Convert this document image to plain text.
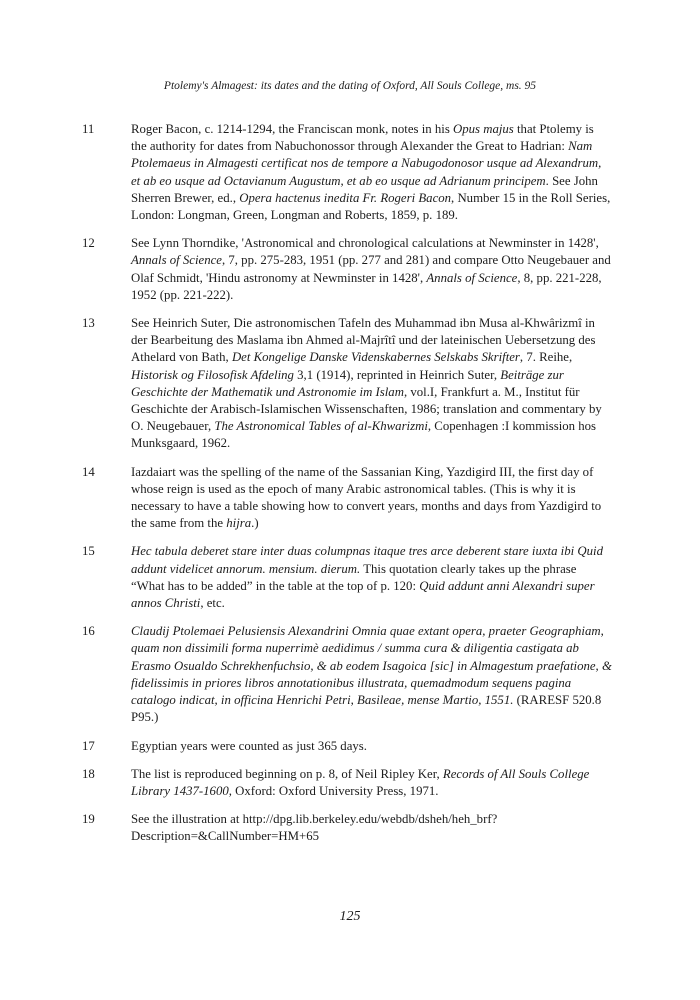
Ptolemy's Almagest: its dates and the dating of Oxford, All Souls College, ms. 95
11	Roger Bacon, c. 1214-1294, the Franciscan monk, notes in his Opus majus that Ptolemy is the authority for dates from Nabuchonossor through Alexander the Great to Hadrian: Nam Ptolemaeus in Almagesti certificat nos de tempore a Nabugodonosor usque ad Alexandrum, et ab eo usque ad Octavianum Augustum, et ab eo usque ad Adrianum principem. See John Sherren Brewer, ed., Opera hactenus inedita Fr. Rogeri Bacon, Number 15 in the Roll Series, London: Longman, Green, Longman and Roberts, 1859, p. 189.
12	See Lynn Thorndike, 'Astronomical and chronological calculations at Newminster in 1428', Annals of Science, 7, pp. 275-283, 1951 (pp. 277 and 281) and compare Otto Neugebauer and Olaf Schmidt, 'Hindu astronomy at Newminster in 1428', Annals of Science, 8, pp. 221-228, 1952 (pp. 221-222).
13	See Heinrich Suter, Die astronomischen Tafeln des Muhammad ibn Musa al-Khwârizmî in der Bearbeitung des Maslama ibn Ahmed al-Majrîtî und der lateinischen Uebersetzung des Athelard von Bath, Det Kongelige Danske Videnskabernes Selskabs Skrifter, 7. Reihe, Historisk og Filosofisk Afdeling 3,1 (1914), reprinted in Heinrich Suter, Beiträge zur Geschichte der Mathematik und Astronomie im Islam, vol.I, Frankfurt a. M., Institut für Geschichte der Arabisch-Islamischen Wissenschaften, 1986; translation and commentary by O. Neugebauer, The Astronomical Tables of al-Khwarizmi, Copenhagen :I kommission hos Munksgaard, 1962.
14	Iazdaiart was the spelling of the name of the Sassanian King, Yazdigird III, the first day of whose reign is used as the epoch of many Arabic astronomical tables. (This is why it is necessary to have a table showing how to convert years, months and days from Yazdigird to the same from the hijra.)
15	Hec tabula deberet stare inter duas columpnas itaque tres arce deberent stare iuxta ibi Quid addunt videlicet annorum. mensium. dierum. This quotation clearly takes up the phrase “What has to be added” in the table at the top of p. 120: Quid addunt anni Alexandri super annos Christi, etc.
16	Claudij Ptolemaei Pelusiensis Alexandrini Omnia quae extant opera, praeter Geographiam, quam non dissimili forma nuperrimè aedidimus / summa cura & diligentia castigata ab Erasmo Osualdo Schrekhenfuchsio, & ab eodem Isagoica [sic] in Almagestum praefatione, & fidelissimis in priores libros annotationibus illustrata, quemadmodum sequens pagina catalogo indicat, in officina Henrichi Petri, Basileae, mense Martio, 1551. (RARESF 520.8 P95.)
17	Egyptian years were counted as just 365 days.
18	The list is reproduced beginning on p. 8, of Neil Ripley Ker, Records of All Souls College Library 1437-1600, Oxford: Oxford University Press, 1971.
19	See the illustration at http://dpg.lib.berkeley.edu/webdb/dsheh/heh_brf?Description=&CallNumber=HM+65
125
